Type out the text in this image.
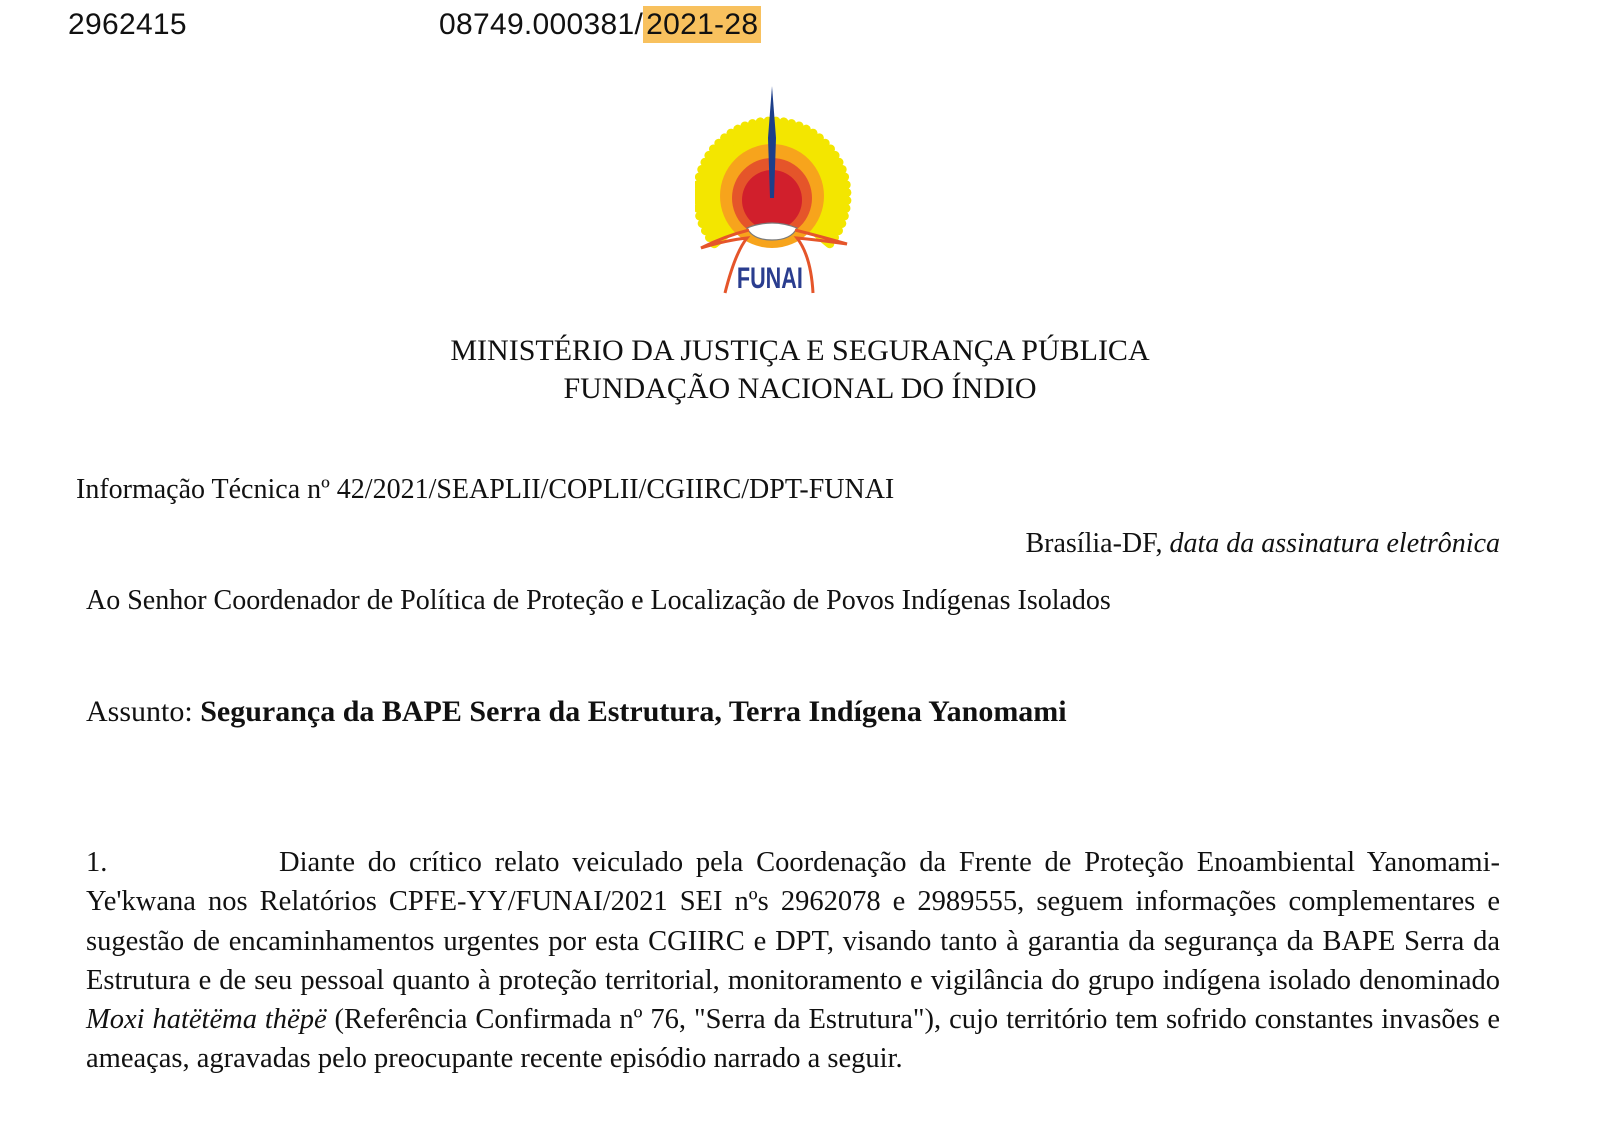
2962415	08749.000381/ 2021-28
FUNAI
MINISTÉRIO DA JUSTIÇA E SEGURANÇA PÚBLICA
FUNDAÇÃO NACIONAL DO ÍNDIO
Informação Técnica nº 42/2021/SEAPLII/COPLII/CGIIRC/DPT-FUNAI
Brasília-DF, data da assinatura eletrônica
Ao Senhor Coordenador de Política de Proteção e Localização de Povos Indígenas Isolados
Assunto: Segurança da BAPE Serra da Estrutura, Terra Indígena Yanomami

1.	Diante do crítico relato veiculado pela Coordenação da Frente de Proteção Enoambiental Yanomami-Ye'kwana nos Relatórios CPFE-YY/FUNAI/2021 SEI nºs 2962078 e 2989555, seguem informações complementares e sugestão de encaminhamentos urgentes por esta CGIIRC e DPT, visando tanto à garantia da segurança da BAPE Serra da Estrutura e de seu pessoal quanto à proteção territorial, monitoramento e vigilância do grupo indígena isolado denominado Moxi hatëtëma thëpë (Referência Confirmada nº 76, "Serra da Estrutura"), cujo território tem sofrido constantes invasões e ameaças, agravadas pelo preocupante recente episódio narrado a seguir.
